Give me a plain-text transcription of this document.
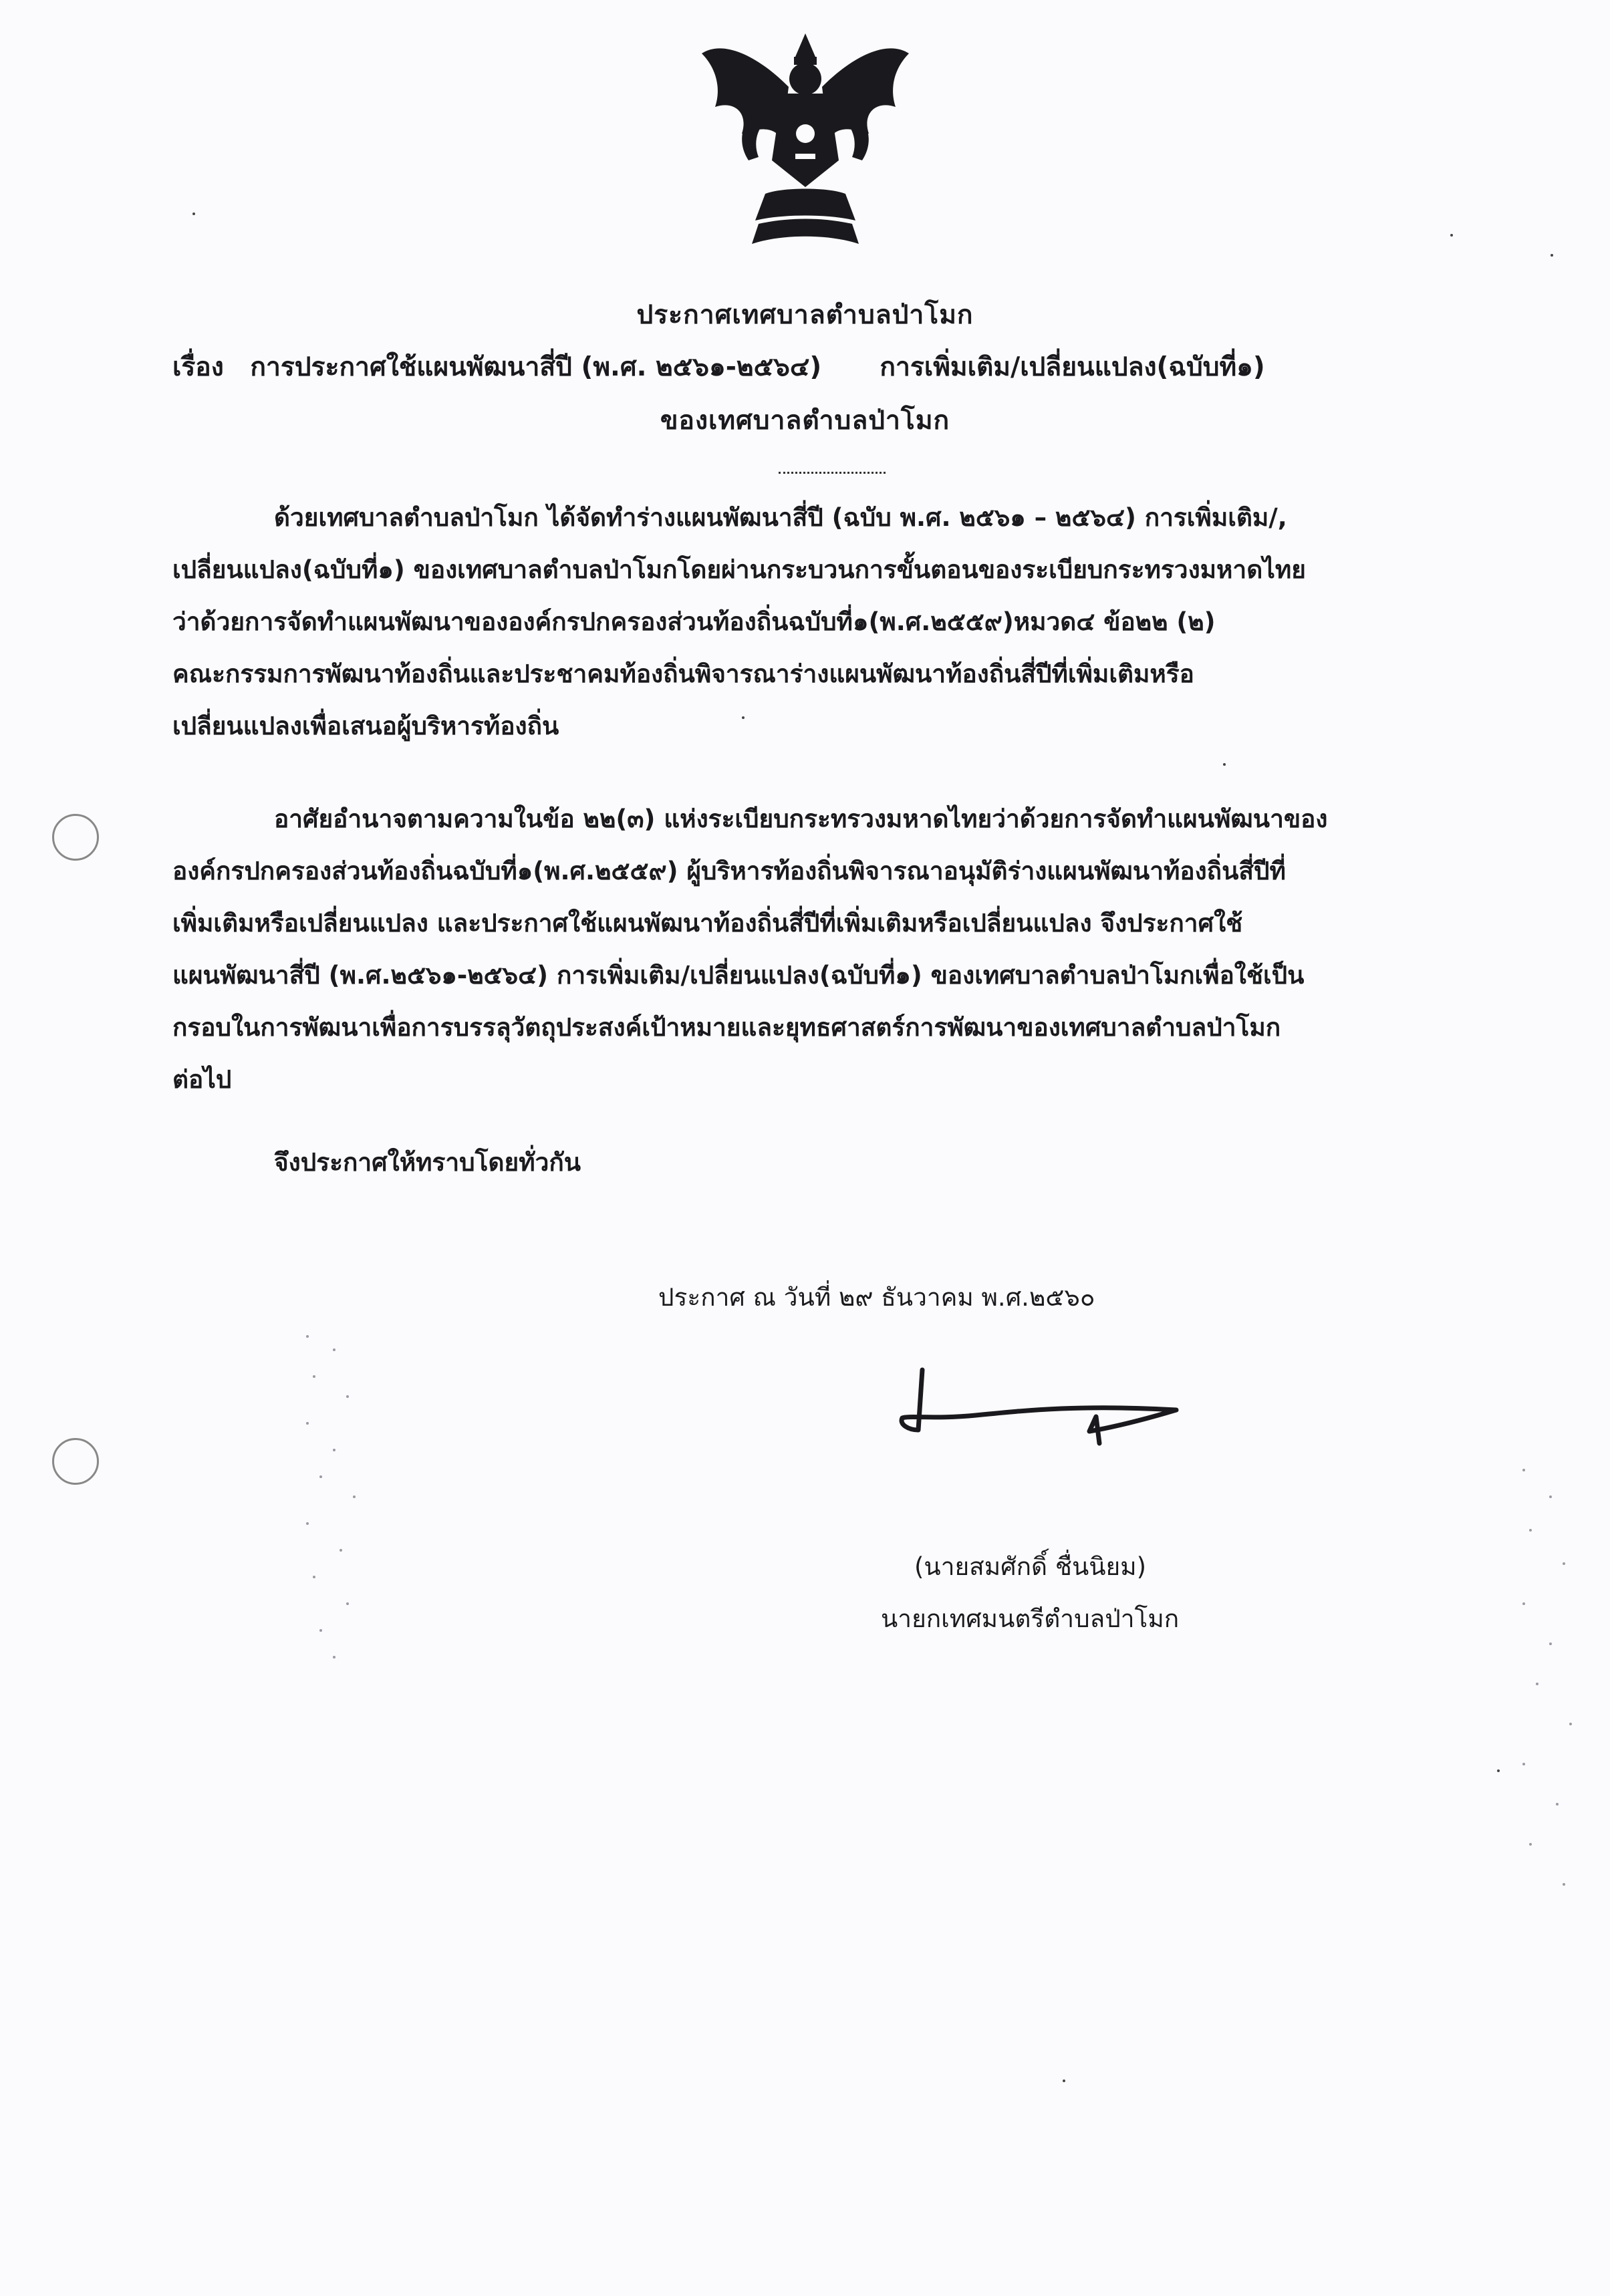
ประกาศเทศบาลตำบลป่าโมก
เรื่อง การประกาศใช้แผนพัฒนาสี่ปี (พ.ศ. ๒๕๖๑-๒๕๖๔) การเพิ่มเติม/เปลี่ยนแปลง(ฉบับที่๑)
ของเทศบาลตำบลป่าโมก
ด้วยเทศบาลตำบลป่าโมก ได้จัดทำร่างแผนพัฒนาสี่ปี (ฉบับ พ.ศ. ๒๕๖๑ – ๒๕๖๔) การเพิ่มเติม/,
เปลี่ยนแปลง(ฉบับที่๑) ของเทศบาลตำบลป่าโมกโดยผ่านกระบวนการขั้นตอนของระเบียบกระทรวงมหาดไทย
ว่าด้วยการจัดทำแผนพัฒนาขององค์กรปกครองส่วนท้องถิ่นฉบับที่๑(พ.ศ.๒๕๕๙)หมวด๔ ข้อ๒๒ (๒)
คณะกรรมการพัฒนาท้องถิ่นและประชาคมท้องถิ่นพิจารณาร่างแผนพัฒนาท้องถิ่นสี่ปีที่เพิ่มเติมหรือ
เปลี่ยนแปลงเพื่อเสนอผู้บริหารท้องถิ่น
อาศัยอำนาจตามความในข้อ ๒๒(๓) แห่งระเบียบกระทรวงมหาดไทยว่าด้วยการจัดทำแผนพัฒนาของ
องค์กรปกครองส่วนท้องถิ่นฉบับที่๑(พ.ศ.๒๕๕๙) ผู้บริหารท้องถิ่นพิจารณาอนุมัติร่างแผนพัฒนาท้องถิ่นสี่ปีที่
เพิ่มเติมหรือเปลี่ยนแปลง และประกาศใช้แผนพัฒนาท้องถิ่นสี่ปีที่เพิ่มเติมหรือเปลี่ยนแปลง จึงประกาศใช้
แผนพัฒนาสี่ปี (พ.ศ.๒๕๖๑-๒๕๖๔) การเพิ่มเติม/เปลี่ยนแปลง(ฉบับที่๑) ของเทศบาลตำบลป่าโมกเพื่อใช้เป็น
กรอบในการพัฒนาเพื่อการบรรลุวัตถุประสงค์เป้าหมายและยุทธศาสตร์การพัฒนาของเทศบาลตำบลป่าโมก
ต่อไป
จึงประกาศให้ทราบโดยทั่วกัน
ประกาศ ณ วันที่ ๒๙ ธันวาคม พ.ศ.๒๕๖๐
(นายสมศักดิ์ ชื่นนิยม)
นายกเทศมนตรีตำบลป่าโมก
